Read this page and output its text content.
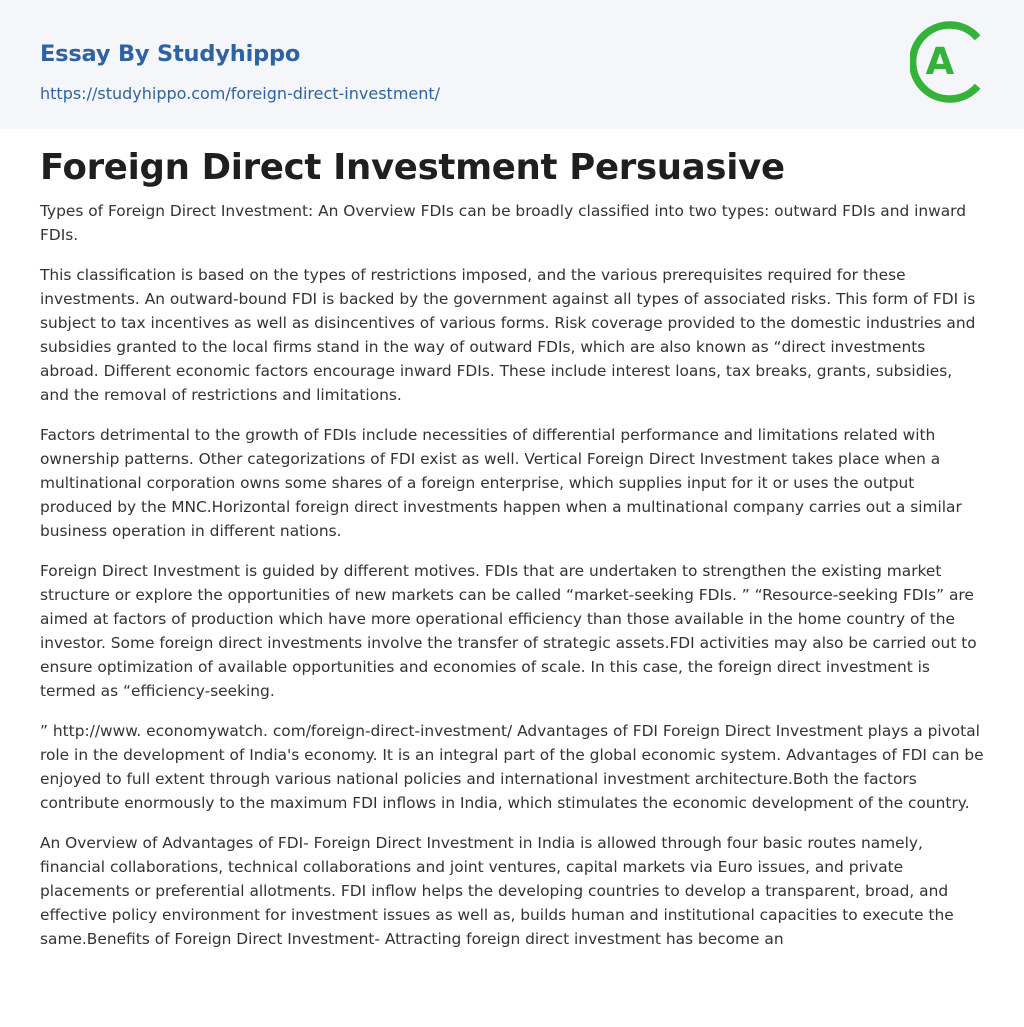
Essay By Studyhippo
https://studyhippo.com/foreign-direct-investment/
A
Foreign Direct Investment Persuasive

Types of Foreign Direct Investment: An Overview FDIs can be broadly classified into two types: outward FDIs and inward FDIs.

This classification is based on the types of restrictions imposed, and the various prerequisites required for these investments. An outward-bound FDI is backed by the government against all types of associated risks. This form of FDI is subject to tax incentives as well as disincentives of various forms. Risk coverage provided to the domestic industries and subsidies granted to the local firms stand in the way of outward FDIs, which are also known as “direct investments abroad. Different economic factors encourage inward FDIs. These include interest loans, tax breaks, grants, subsidies, and the removal of restrictions and limitations.

Factors detrimental to the growth of FDIs include necessities of differential performance and limitations related with ownership patterns. Other categorizations of FDI exist as well. Vertical Foreign Direct Investment takes place when a multinational corporation owns some shares of a foreign enterprise, which supplies input for it or uses the output produced by the MNC.Horizontal foreign direct investments happen when a multinational company carries out a similar business operation in different nations.

Foreign Direct Investment is guided by different motives. FDIs that are undertaken to strengthen the existing market structure or explore the opportunities of new markets can be called “market-seeking FDIs. ” “Resource-seeking FDIs” are aimed at factors of production which have more operational efficiency than those available in the home country of the investor. Some foreign direct investments involve the transfer of strategic assets.FDI activities may also be carried out to ensure optimization of available opportunities and economies of scale. In this case, the foreign direct investment is termed as “efficiency-seeking.

” http://www. economywatch. com/foreign-direct-investment/ Advantages of FDI Foreign Direct Investment plays a pivotal role in the development of India's economy. It is an integral part of the global economic system. Advantages of FDI can be enjoyed to full extent through various national policies and international investment architecture.Both the factors contribute enormously to the maximum FDI inflows in India, which stimulates the economic development of the country.

An Overview of Advantages of FDI- Foreign Direct Investment in India is allowed through four basic routes namely, financial collaborations, technical collaborations and joint ventures, capital markets via Euro issues, and private placements or preferential allotments. FDI inflow helps the developing countries to develop a transparent, broad, and effective policy environment for investment issues as well as, builds human and institutional capacities to execute the same.Benefits of Foreign Direct Investment- Attracting foreign direct investment has become an
